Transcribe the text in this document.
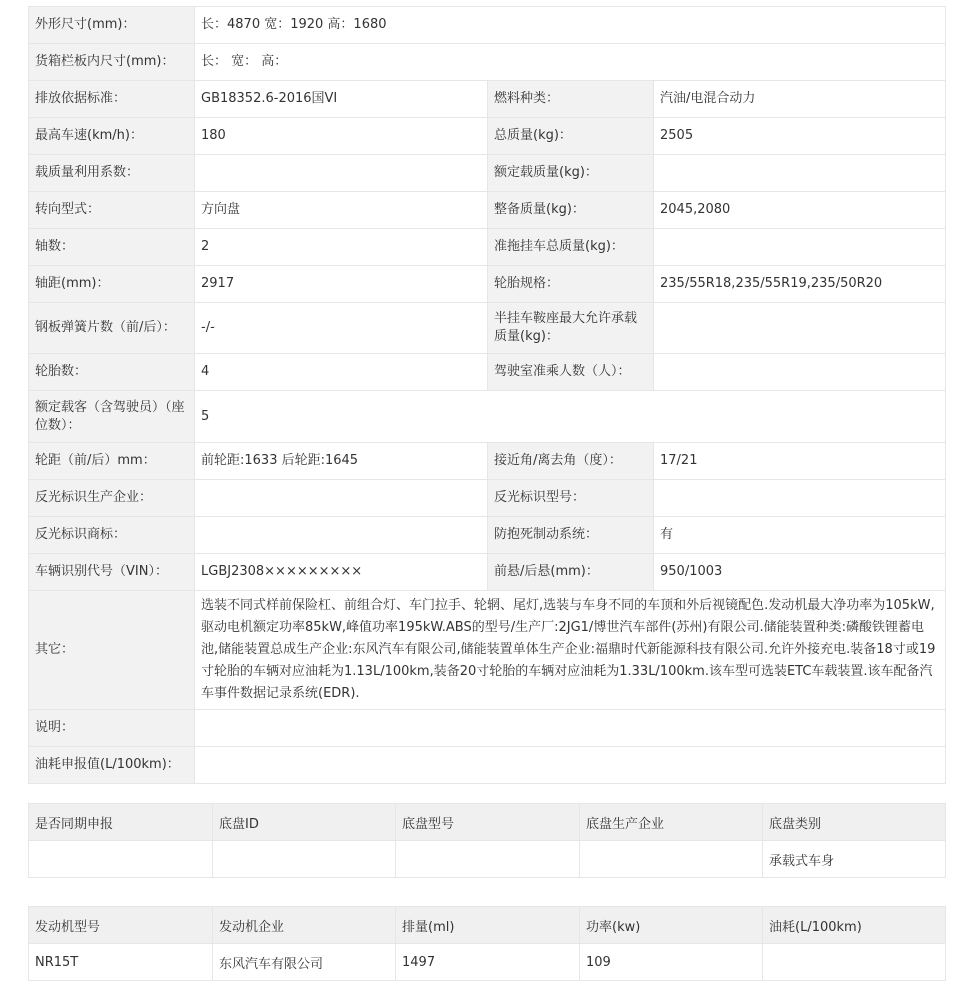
外形尺寸(mm)：	长：4870 宽：1920 高：1680		
货箱栏板内尺寸(mm)：	长： 宽： 高：		
排放依据标准：	GB18352.6-2016国VI	燃料种类：	汽油/电混合动力
最高车速(km/h)：	180	总质量(kg)：	2505
载质量利用系数：		额定载质量(kg)：	
转向型式：	方向盘	整备质量(kg)：	2045,2080
轴数：	2	准拖挂车总质量(kg)：	
轴距(mm)：	2917	轮胎规格：	235/55R18,235/55R19,235/50R20
钢板弹簧片数（前/后）：	-/-	半挂车鞍座最大允许承载质量(kg)：	
轮胎数：	4	驾驶室准乘人数（人）：	
额定载客（含驾驶员）（座位数）：	5		
轮距（前/后）mm：	前轮距:1633 后轮距:1645	接近角/离去角（度）：	17/21
反光标识生产企业：		反光标识型号：	
反光标识商标：		防抱死制动系统：	有
车辆识别代号（VIN）：	LGBJ2308×××××××××	前悬/后悬(mm)：	950/1003
其它：	选装不同式样前保险杠、前组合灯、车门拉手、轮辋、尾灯,选装与车身不同的车顶和外后视镜配色.发动机最大净功率为105kW,驱动电机额定功率85kW,峰值功率195kW.ABS的型号/生产厂:2JG1/博世汽车部件(苏州)有限公司.储能装置种类:磷酸铁锂蓄电池,储能装置总成生产企业:东风汽车有限公司,储能装置单体生产企业:福鼎时代新能源科技有限公司.允许外接充电.装备18寸或19寸轮胎的车辆对应油耗为1.13L/100km,装备20寸轮胎的车辆对应油耗为1.33L/100km.该车型可选装ETC车载装置.该车配备汽车事件数据记录系统(EDR).		
说明：			
油耗申报值(L/100km)：			
是否同期申报	底盘ID	底盘型号	底盘生产企业	底盘类别
				承载式车身
发动机型号	发动机企业	排量(ml)	功率(kw)	油耗(L/100km)
NR15T	东风汽车有限公司	1497	109	
